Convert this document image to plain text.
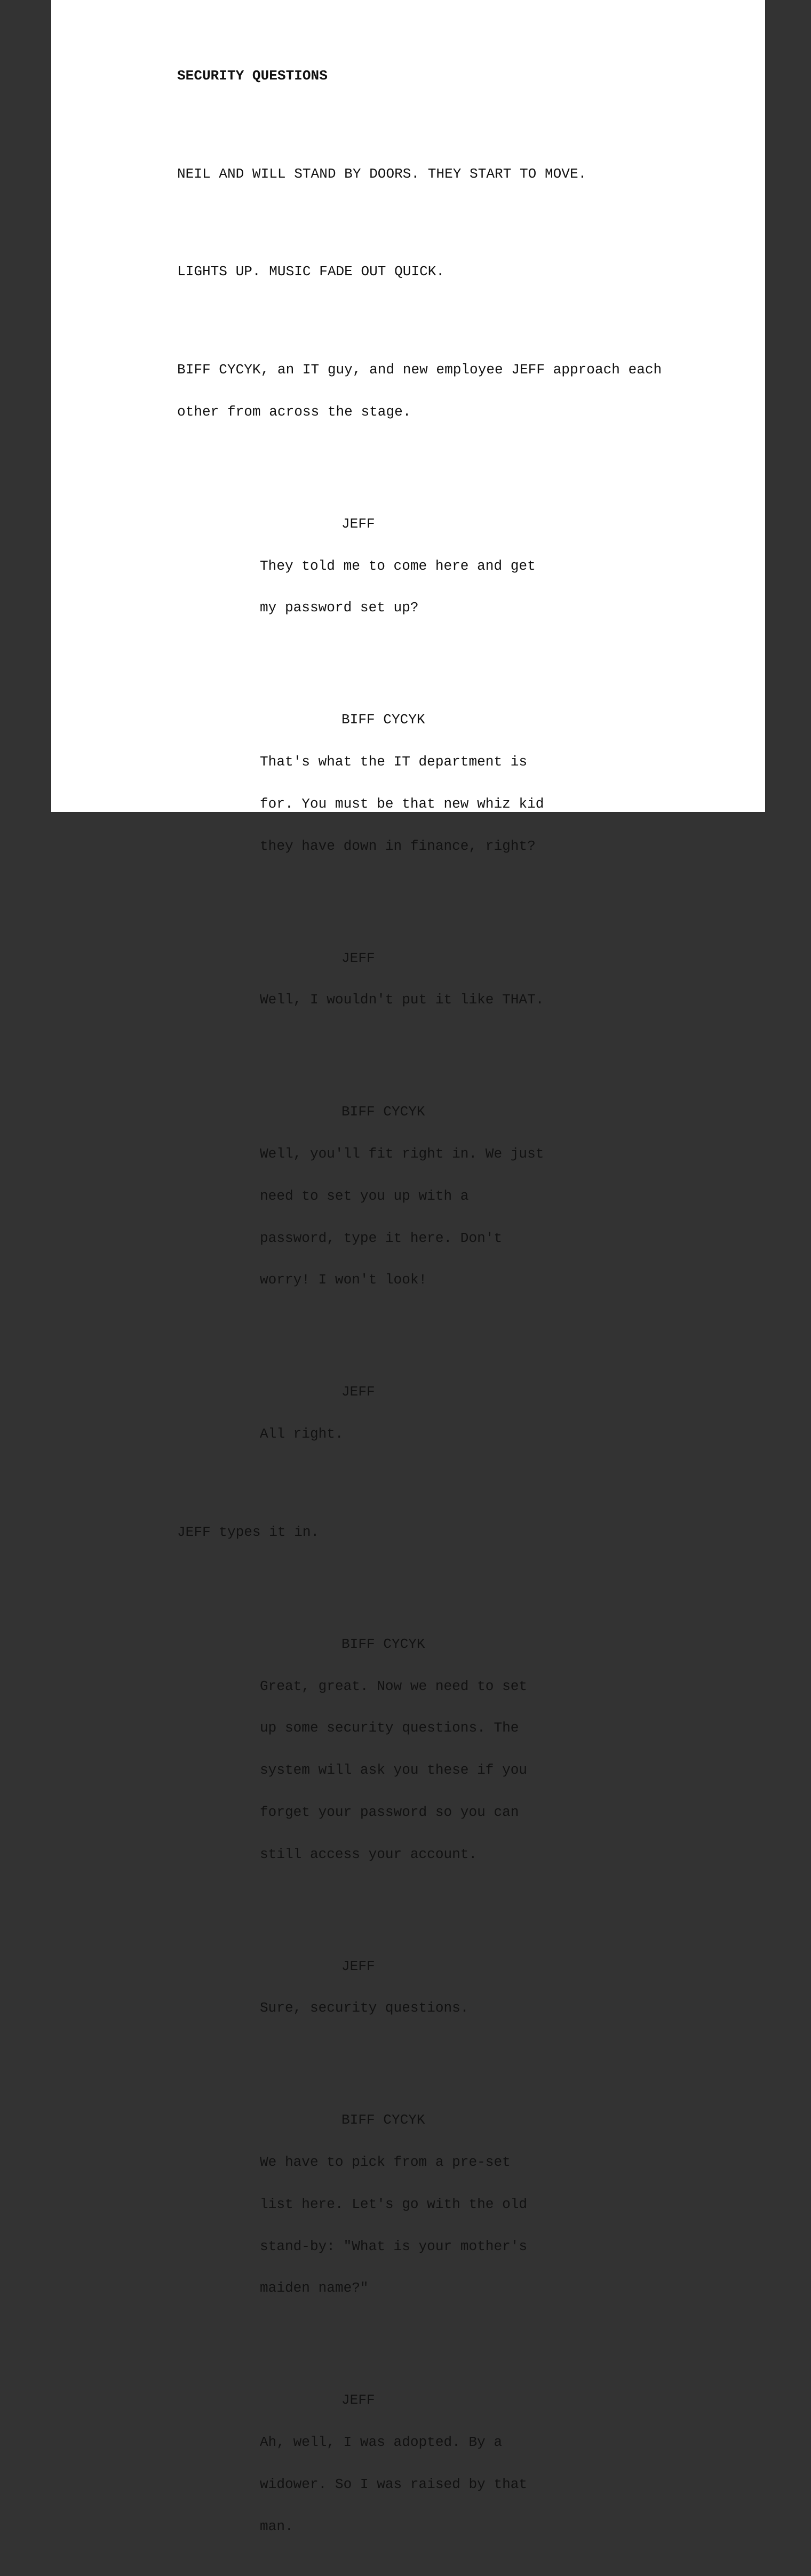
SECURITY QUESTIONS

NEIL AND WILL STAND BY DOORS. THEY START TO MOVE.

LIGHTS UP. MUSIC FADE OUT QUICK.

BIFF CYCYK, an IT guy, and new employee JEFF approach each

other from across the stage.

JEFF

They told me to come here and get

my password set up?

BIFF CYCYK

That's what the IT department is

for. You must be that new whiz kid

they have down in finance, right?

JEFF

Well, I wouldn't put it like THAT.

BIFF CYCYK

Well, you'll fit right in. We just

need to set you up with a

password, type it here. Don't

worry! I won't look!

JEFF

All right.

JEFF types it in.

BIFF CYCYK

Great, great. Now we need to set

up some security questions. The

system will ask you these if you

forget your password so you can

still access your account.

JEFF

Sure, security questions.

BIFF CYCYK

We have to pick from a pre-set

list here. Let's go with the old

stand-by: "What is your mother's

maiden name?"

JEFF

Ah, well, I was adopted. By a

widower. So I was raised by that

man.
